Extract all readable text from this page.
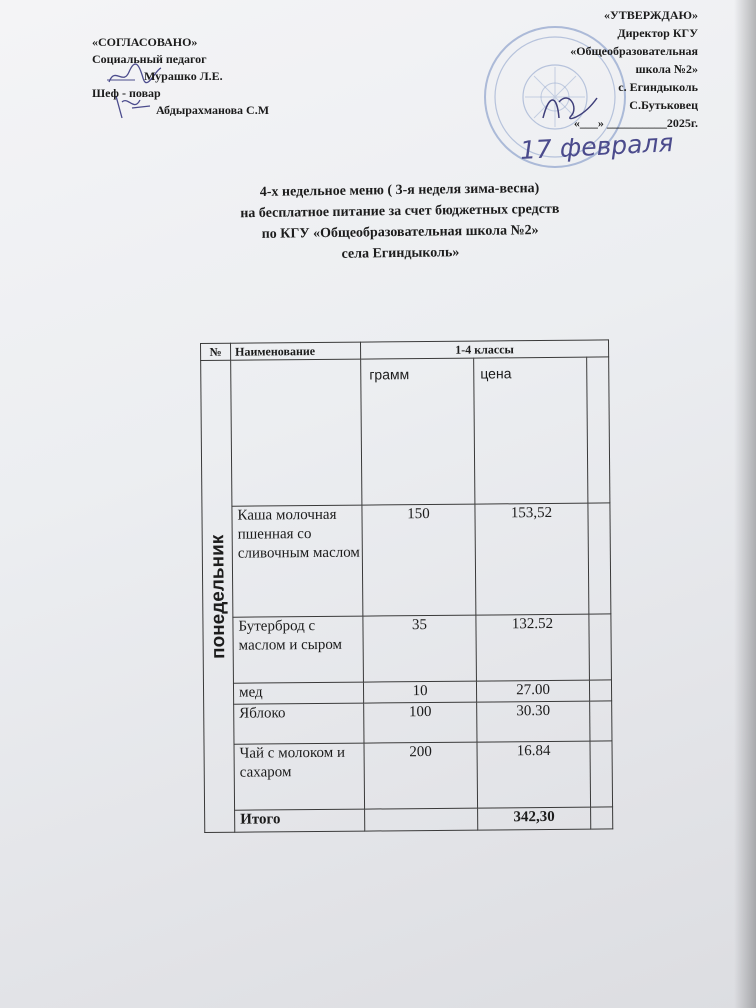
«СОГЛАСОВАНО»
Социальный педагог
Мурашко Л.Е.
Шеф - повар
Абдырахманова С.М
«УТВЕРЖДАЮ»
Директор КГУ
«Общеобразовательная
школа №2»
с. Егиндыколь
С.Бутьковец
«___» __________2025г.
17 февраля
4-х недельное меню ( 3-я неделя зима-весна)
на бесплатное питание за счет бюджетных средств
по КГУ «Общеобразовательная школа №2»
села Егиндыколь»
№	Наименование	1-4 классы		

понедельник		грамм	цена	
	Каша молочная пшенная со сливочным маслом	150	153,52	
	Бутерброд с маслом и сыром	35	132.52	
	мед	10	27.00	
	Яблоко	100	30.30	
	Чай с молоком и сахаром	200	16.84	
	Итого		342,30	
